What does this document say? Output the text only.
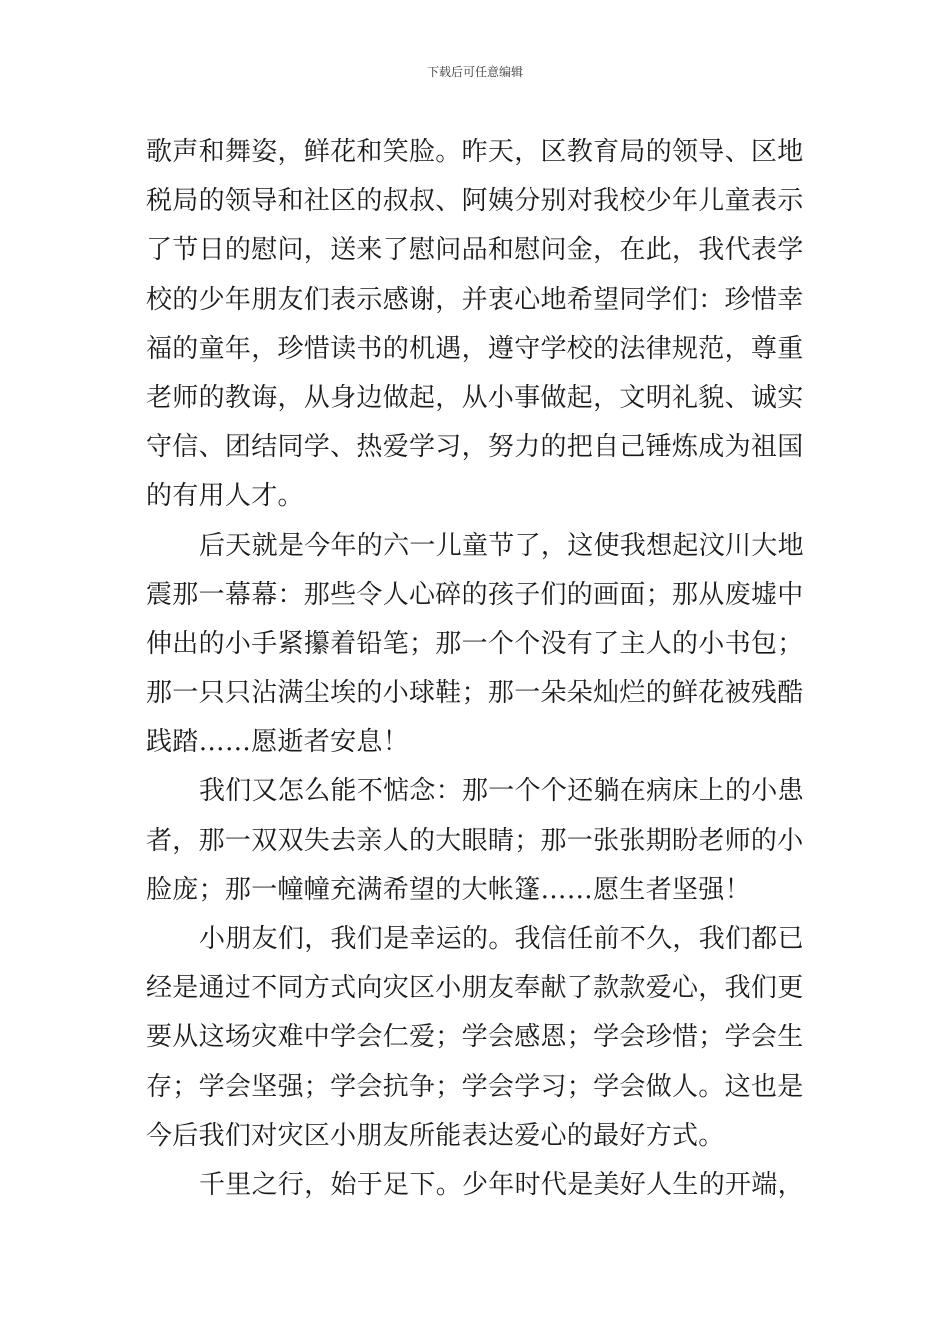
下载后可任意编辑
歌声和舞姿，鲜花和笑脸。昨天，区教育局的领导、区地
税局的领导和社区的叔叔、阿姨分别对我校少年儿童表示
了节日的慰问，送来了慰问品和慰问金，在此，我代表学
校的少年朋友们表示感谢，并衷心地希望同学们：珍惜幸
福的童年，珍惜读书的机遇，遵守学校的法律规范，尊重
老师的教诲，从身边做起，从小事做起，文明礼貌、诚实
守信、团结同学、热爱学习，努力的把自己锤炼成为祖国
的有用人才。
后天就是今年的六一儿童节了，这使我想起汶川大地
震那一幕幕：那些令人心碎的孩子们的画面；那从废墟中
伸出的小手紧攥着铅笔；那一个个没有了主人的小书包；
那一只只沾满尘埃的小球鞋；那一朵朵灿烂的鲜花被残酷
践踏……愿逝者安息！
我们又怎么能不惦念：那一个个还躺在病床上的小患
者，那一双双失去亲人的大眼睛；那一张张期盼老师的小
脸庞；那一幢幢充满希望的大帐篷……愿生者坚强！
小朋友们，我们是幸运的。我信任前不久，我们都已
经是通过不同方式向灾区小朋友奉献了款款爱心，我们更
要从这场灾难中学会仁爱；学会感恩；学会珍惜；学会生
存；学会坚强；学会抗争；学会学习；学会做人。这也是
今后我们对灾区小朋友所能表达爱心的最好方式。
千里之行，始于足下。少年时代是美好人生的开端，
